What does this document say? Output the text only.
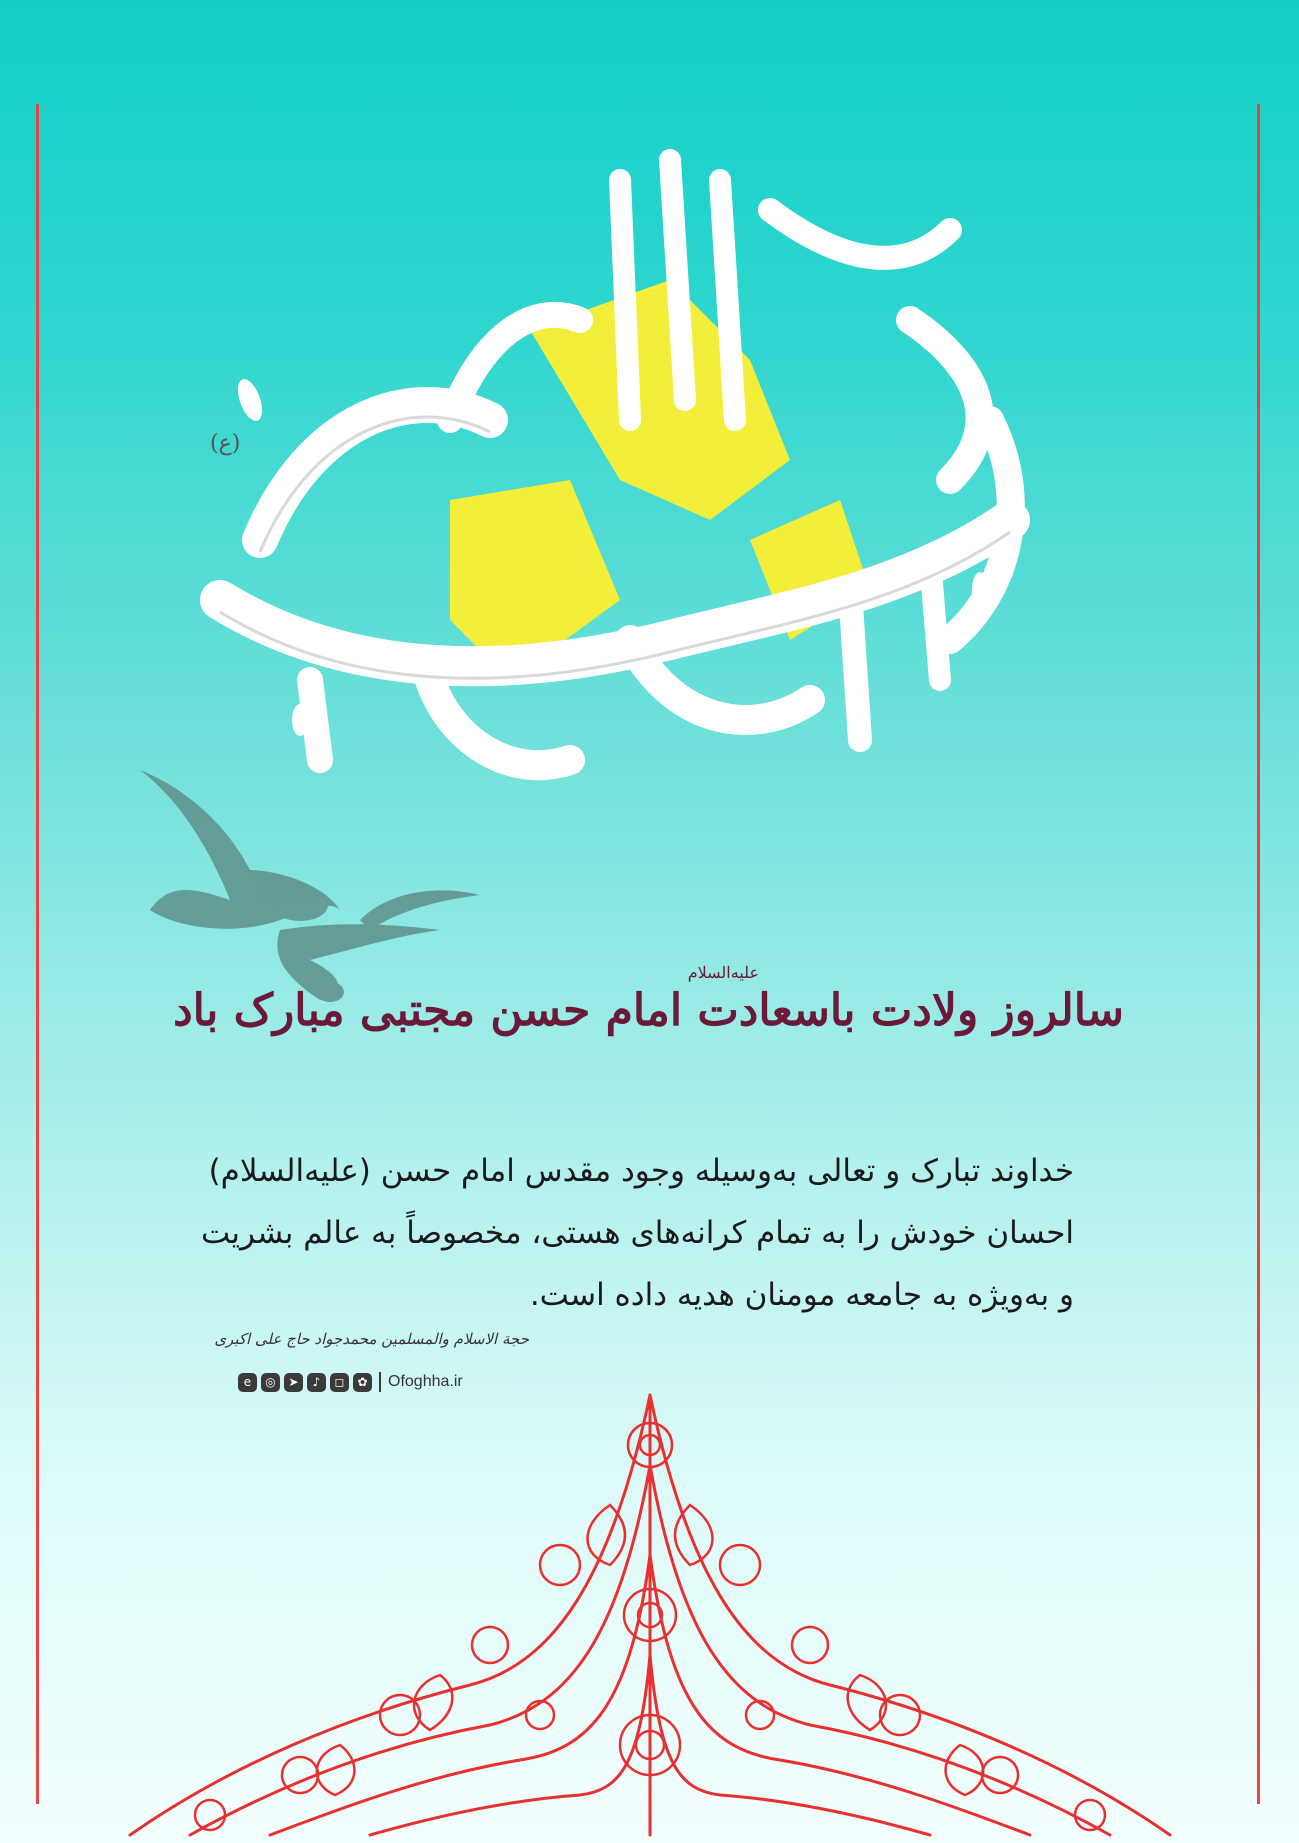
(ع)
علیه‌السلام
سالروز ولادت باسعادت امام حسن مجتبی مبارک باد
خداوند تبارک و تعالی به‌وسیله وجود مقدس امام حسن (علیه‌السلام)
احسان خودش را به تمام کرانه‌های هستی، مخصوصاً به عالم بشریت
و به‌ویژه به جامعه مومنان هدیه داده است.
حجة الاسلام والمسلمین محمدجواد حاج علی اکبری
e	◎	➤	♪	◻	✿ Ofoghha.ir
